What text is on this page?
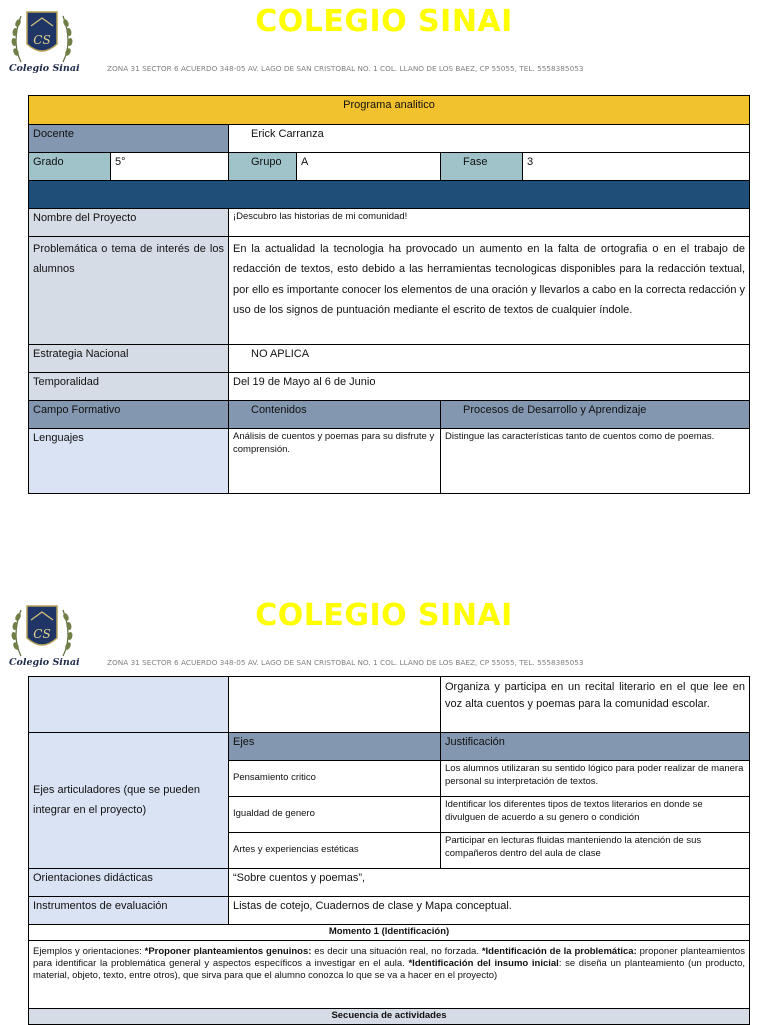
CS
Colegio Sinai
COLEGIO SINAI
ZONA 31 SECTOR 6 ACUERDO 348-05 AV. LAGO DE SAN CRISTOBAL NO. 1 COL. LLANO DE LOS BAEZ, CP 55055, TEL. 5558385053
Programa analitico					
Docente		Erick Carranza			
Grado	5°	Grupo	A	Fase	3

Nombre del Proyecto		¡Descubro las historias de mi comunidad!			
Problemática o tema de interés de los alumnos		En la actualidad la tecnologia ha provocado un aumento en la falta de ortografia o en el trabajo de redacción de textos, esto debido a las herramientas tecnologicas disponibles para la redacción textual, por ello es importante conocer los elementos de una oración y llevarlos a cabo en la correcta redacción y uso de los signos de puntuación mediante el escrito de textos de cualquier índole.			
Estrategia Nacional		NO APLICA			
Temporalidad		Del 19 de Mayo al 6 de Junio			
Campo Formativo		Contenidos		Procesos de Desarrollo y Aprendizaje	
Lenguajes		Análisis de cuentos y poemas para su disfrute y comprensión.		Distingue las características tanto de cuentos como de poemas.	
CS
Colegio Sinai
COLEGIO SINAI
ZONA 31 SECTOR 6 ACUERDO 348-05 AV. LAGO DE SAN CRISTOBAL NO. 1 COL. LLANO DE LOS BAEZ, CP 55055, TEL. 5558385053
		Organiza y participa en un recital literario en el que lee en voz alta cuentos y poemas para la comunidad escolar.
Ejes articuladores (que se pueden integrar en el proyecto)	Ejes	Justificación
	Pensamiento critico	Los alumnos utilizaran su sentido lógico para poder realizar de manera personal su interpretación de textos.
	Igualdad de genero	Identificar los diferentes tipos de textos literarios en donde se divulguen de acuerdo a su genero o condición
	Artes y experiencias estéticas	Participar en lecturas fluidas manteniendo la atención de sus compañeros dentro del aula de clase
Orientaciones didácticas	“Sobre cuentos y poemas”,	
Instrumentos de evaluación	Listas de cotejo, Cuadernos de clase y Mapa conceptual.	
Momento 1 (Identificación)		
Ejemplos y orientaciones: *Proponer planteamientos genuinos: es decir una situación real, no forzada. *Identificación de la problemática: proponer planteamientos para identificar la problemática general y aspectos específicos a investigar en el aula. *Identificación del insumo inicial: se diseña un planteamiento (un producto, material, objeto, texto, entre otros), que sirva para que el alumno conozca lo que se va a hacer en el proyecto)		
Secuencia de actividades		
